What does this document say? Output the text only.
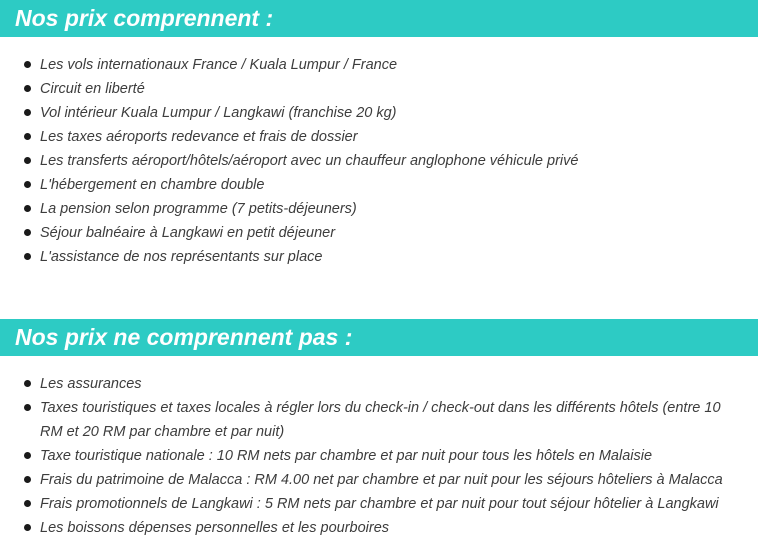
Nos prix comprennent :
Les vols internationaux France / Kuala Lumpur / France
Circuit en liberté
Vol intérieur Kuala Lumpur / Langkawi (franchise 20 kg)
Les taxes aéroports redevance et frais de dossier
Les transferts aéroport/hôtels/aéroport avec un chauffeur anglophone véhicule privé
L'hébergement en chambre double
La pension selon programme (7 petits-déjeuners)
Séjour balnéaire à Langkawi en petit déjeuner
L'assistance de nos représentants sur place
Nos prix ne comprennent pas :
Les assurances
Taxes touristiques et taxes locales à régler lors du check-in / check-out dans les différents hôtels (entre 10 RM et 20 RM par chambre et par nuit)
Taxe touristique nationale : 10 RM nets par chambre et par nuit pour tous les hôtels en Malaisie
Frais du patrimoine de Malacca : RM 4.00 net par chambre et par nuit pour les séjours hôteliers à Malacca
Frais promotionnels de Langkawi : 5 RM nets par chambre et par nuit pour tout séjour hôtelier à Langkawi
Les boissons dépenses personnelles et les pourboires
